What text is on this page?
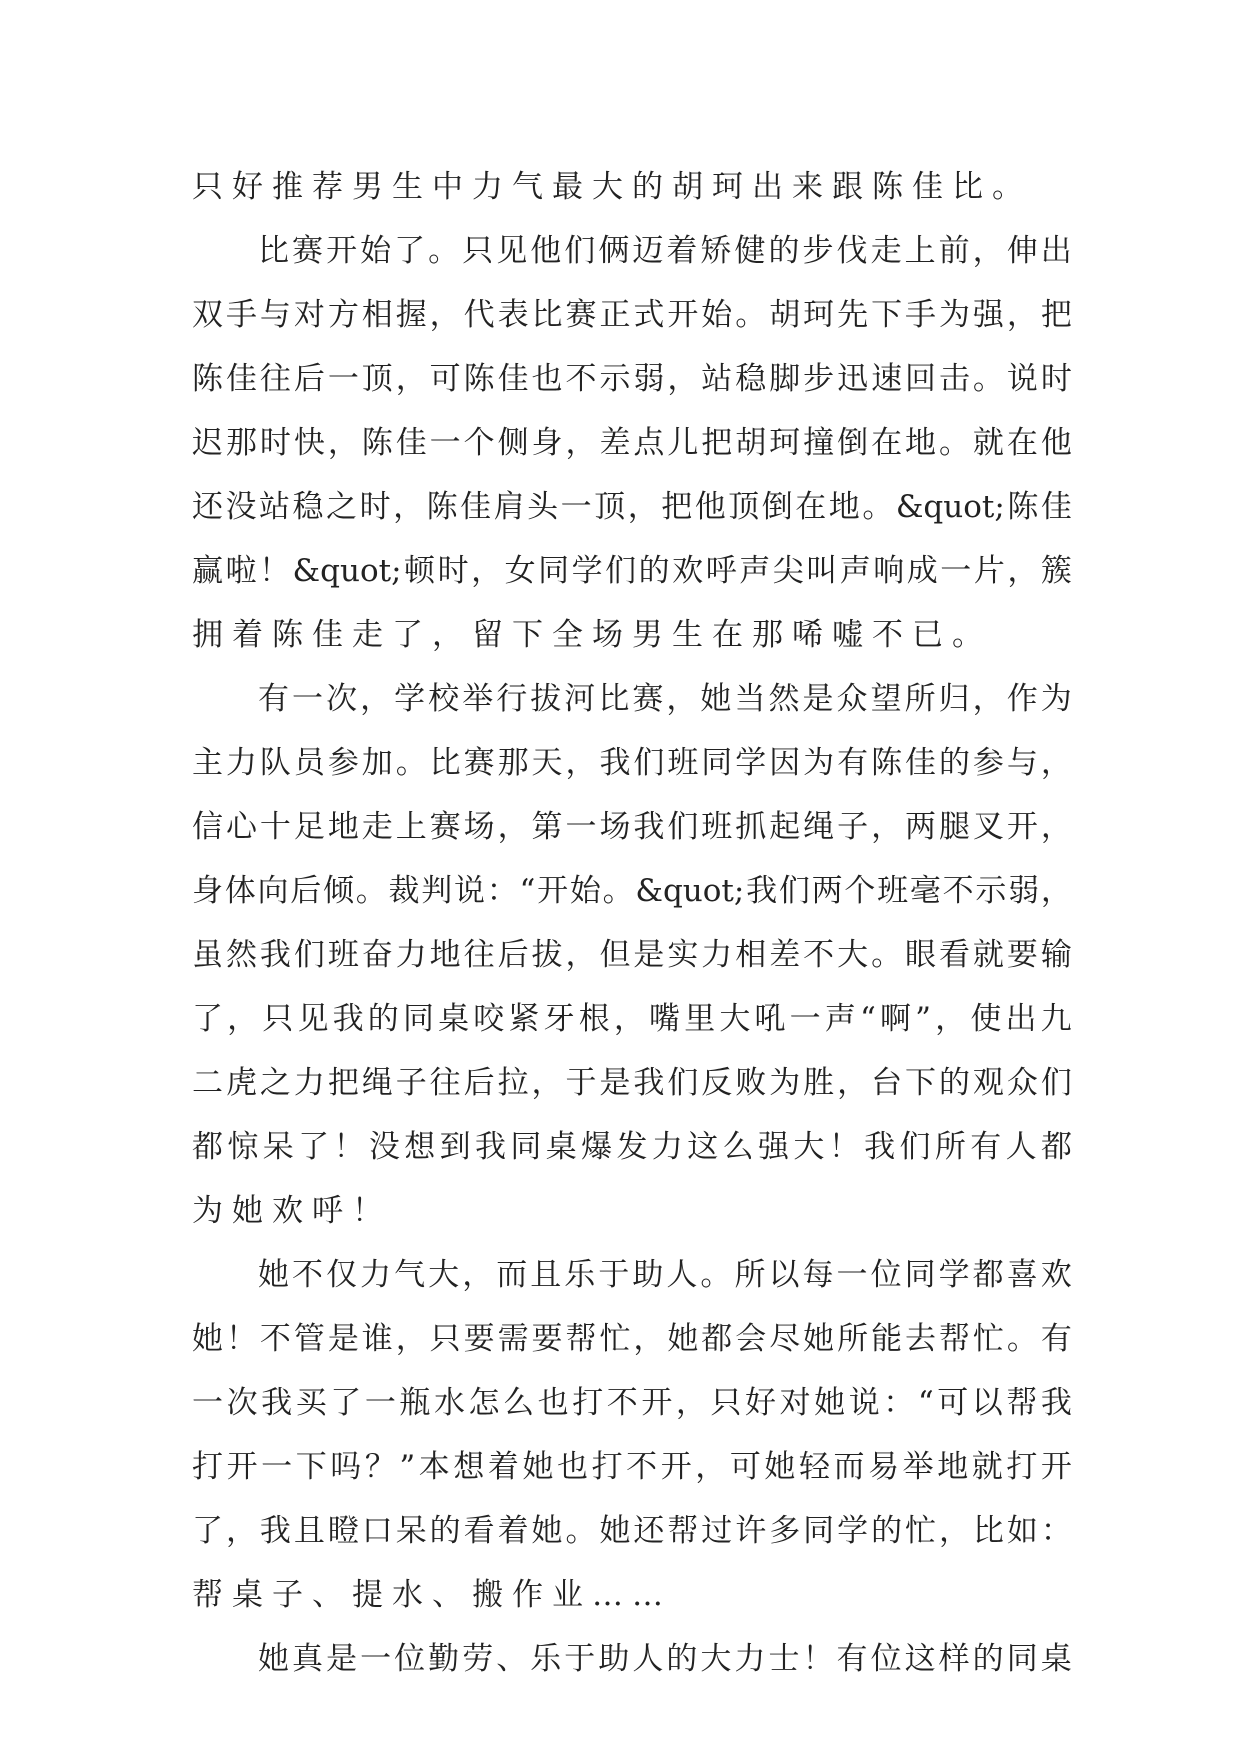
只好推荐男生中力气最大的胡珂出来跟陈佳比。
比 赛 开 始 了 。 只 见 他 们 俩 迈 着 矫 健 的 步 伐 走 上 前 ， 伸 出
双 手 与 对 方 相 握 ， 代 表 比 赛 正 式 开 始 。 胡 珂 先 下 手 为 强 ， 把
陈 佳 往 后 一 顶 ， 可 陈 佳 也 不 示 弱 ， 站 稳 脚 步 迅 速 回 击 。 说 时
迟 那 时 快 ， 陈 佳 一 个 侧 身 ， 差 点 儿 把 胡 珂 撞 倒 在 地 。 就 在 他
还 没 站 稳 之 时 ， 陈 佳 肩 头 一 顶 ， 把 他 顶 倒 在 地 。 &quot; 陈 佳
赢 啦 ！ &quot; 顿 时 ， 女 同 学 们 的 欢 呼 声 尖 叫 声 响 成 一 片 ， 簇
拥着陈佳走了，留下全场男生在那唏嘘不已。
有 一 次 ， 学 校 举 行 拔 河 比 赛 ， 她 当 然 是 众 望 所 归 ， 作 为
主 力 队 员 参 加 。 比 赛 那 天 ， 我 们 班 同 学 因 为 有 陈 佳 的 参 与 ，
信 心 十 足 地 走 上 赛 场 ， 第 一 场 我 们 班 抓 起 绳 子 ， 两 腿 叉 开 ，
身 体 向 后 倾 。 裁 判 说 ： “ 开 始 。 &quot; 我 们 两 个 班 毫 不 示 弱 ，
虽 然 我 们 班 奋 力 地 往 后 拔 ， 但 是 实 力 相 差 不 大 。 眼 看 就 要 输
了 ， 只 见 我 的 同 桌 咬 紧 牙 根 ， 嘴 里 大 吼 一 声 “ 啊 ” ， 使 出 九
二 虎 之 力 把 绳 子 往 后 拉 ， 于 是 我 们 反 败 为 胜 ， 台 下 的 观 众 们
都 惊 呆 了 ！ 没 想 到 我 同 桌 爆 发 力 这 么 强 大 ！ 我 们 所 有 人 都
为她欢呼！
她 不 仅 力 气 大 ， 而 且 乐 于 助 人 。 所 以 每 一 位 同 学 都 喜 欢
她 ！ 不 管 是 谁 ， 只 要 需 要 帮 忙 ， 她 都 会 尽 她 所 能 去 帮 忙 。 有
一 次 我 买 了 一 瓶 水 怎 么 也 打 不 开 ， 只 好 对 她 说 ： “ 可 以 帮 我
打 开 一 下 吗 ？ ” 本 想 着 她 也 打 不 开 ， 可 她 轻 而 易 举 地 就 打 开
了 ， 我 且 瞪 口 呆 的 看 着 她 。 她 还 帮 过 许 多 同 学 的 忙 ， 比 如 ：
帮桌子、提水、搬作业……
她 真 是 一 位 勤 劳 、 乐 于 助 人 的 大 力 士 ！ 有 位 这 样 的 同 桌
